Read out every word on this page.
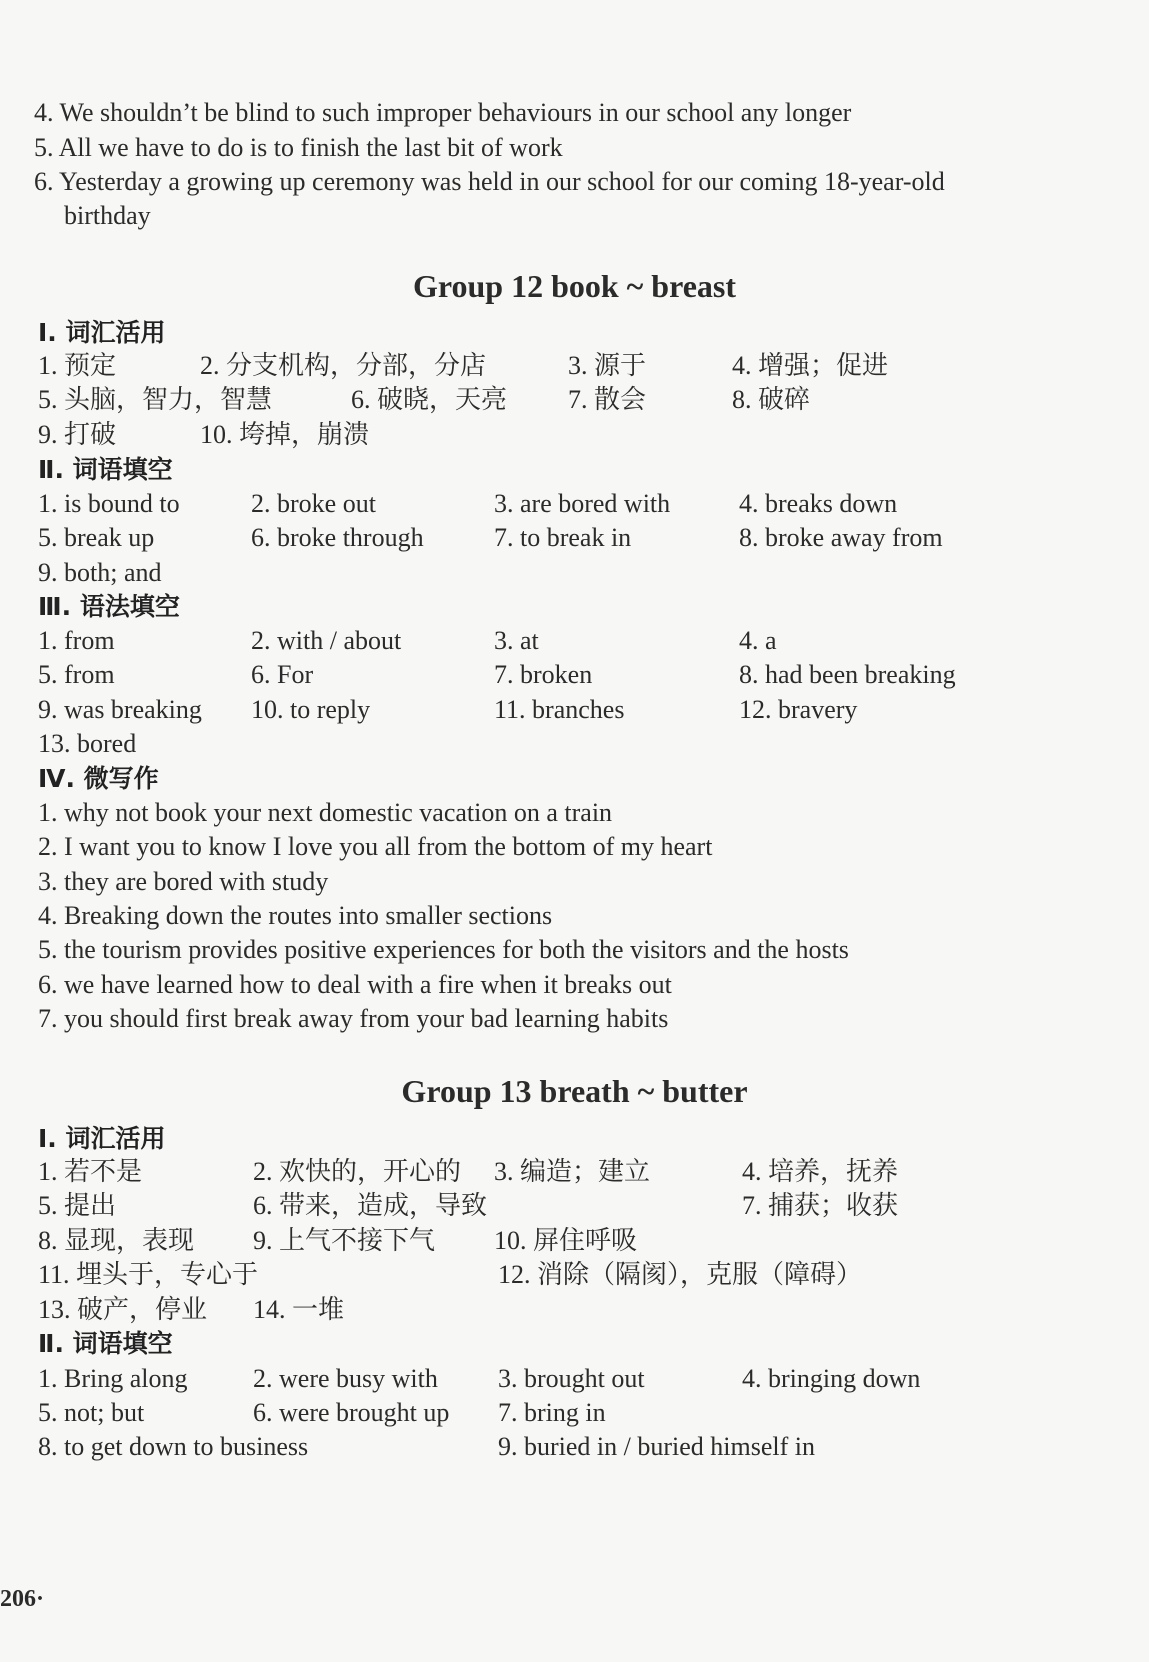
4. We shouldn’t be blind to such improper behaviours in our school any longer
5. All we have to do is to finish the last bit of work
6. Yesterday a growing up ceremony was held in our school for our coming 18-year-old
birthday
Group 12 book ~ breast
Ⅰ. 词汇活用
1. 预定	2. 分支机构，分部，分店	3. 源于	4. 增强；促进
5. 头脑，智力，智慧	6. 破晓，天亮 7. 散会	8. 破碎
9. 打破	10. 垮掉，崩溃
Ⅱ. 词语填空
1. is bound to	2. broke out	3. are bored with	4. breaks down
5. break up	6. broke through	7. to break in	8. broke away from
9. both; and
Ⅲ. 语法填空
1. from	2. with / about	3. at	4. a
5. from	6. For	7. broken	8. had been breaking
9. was breaking 10. to reply	11. branches	12. bravery
13. bored
Ⅳ. 微写作
1. why not book your next domestic vacation on a train
2. I want you to know I love you all from the bottom of my heart
3. they are bored with study
4. Breaking down the routes into smaller sections
5. the tourism provides positive experiences for both the visitors and the hosts
6. we have learned how to deal with a fire when it breaks out
7. you should first break away from your bad learning habits
Group 13 breath ~ butter
Ⅰ. 词汇活用
1. 若不是	2. 欢快的，开心的 3. 编造；建立	4. 培养，抚养
5. 提出	6. 带来，造成，导致	7. 捕获；收获
8. 显现，表现 9. 上气不接下气 10. 屏住呼吸
11. 埋头于，专心于	12. 消除（隔阂），克服（障碍）
13. 破产，停业 14. 一堆
Ⅱ. 词语填空
1. Bring along	2. were busy with 3. brought out	4. bringing down
5. not; but	6. were brought up 7. bring in
8. to get down to business	9. buried in / buried himself in
206·
